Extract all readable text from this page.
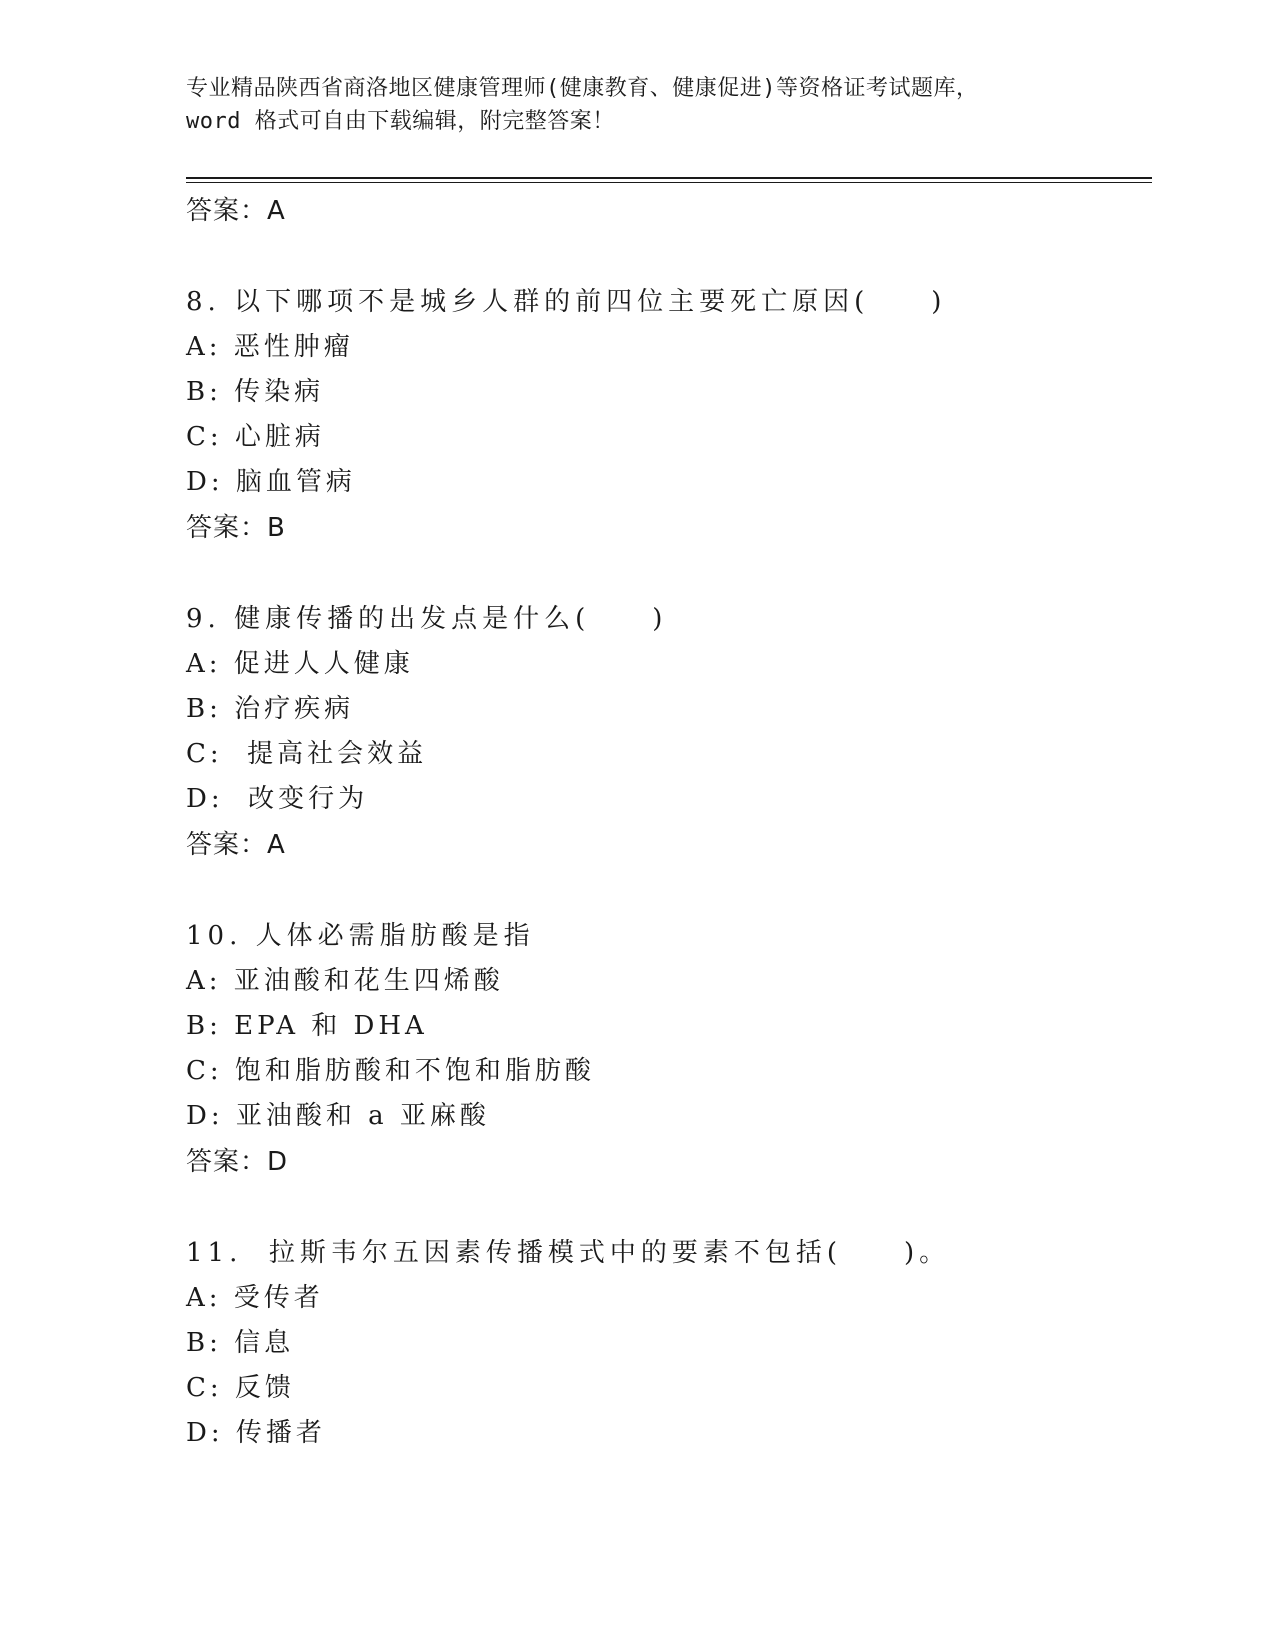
专业精品陕西省商洛地区健康管理师(健康教育、健康促进)等资格证考试题库，
word 格式可自由下载编辑，附完整答案！
答案：A
8. 以下哪项不是城乡人群的前四位主要死亡原因(　　)
A: 恶性肿瘤
B: 传染病
C: 心脏病
D: 脑血管病
答案：B
9. 健康传播的出发点是什么(　　)
A: 促进人人健康
B: 治疗疾病
C:  提高社会效益
D:  改变行为
答案：A
10. 人体必需脂肪酸是指
A: 亚油酸和花生四烯酸
B: EPA 和 DHA
C: 饱和脂肪酸和不饱和脂肪酸
D: 亚油酸和 a 亚麻酸
答案：D
11.  拉斯韦尔五因素传播模式中的要素不包括(　　)。
A: 受传者
B: 信息
C: 反馈
D: 传播者
